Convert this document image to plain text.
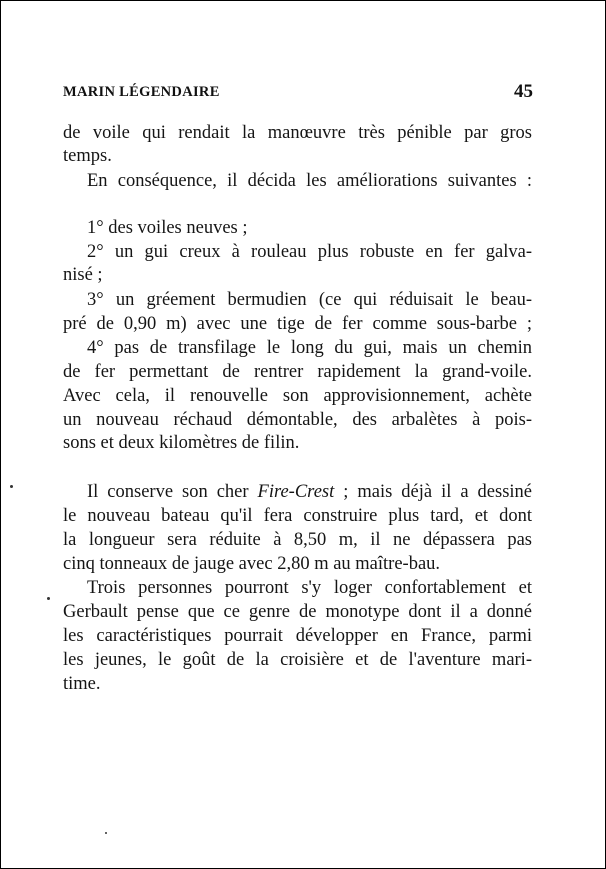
MARIN LÉGENDAIRE	45
de voile qui rendait la manœuvre très pénible par gros
temps.
En conséquence, il décida les améliorations suivantes :
1° des voiles neuves ;
2° un gui creux à rouleau plus robuste en fer galva-
nisé ;
3° un gréement bermudien (ce qui réduisait le beau-
pré de 0,90 m) avec une tige de fer comme sous-barbe ;
4° pas de transfilage le long du gui, mais un chemin
de fer permettant de rentrer rapidement la grand-voile.
Avec cela, il renouvelle son approvisionnement, achète
un nouveau réchaud démontable, des arbalètes à pois-
sons et deux kilomètres de filin.
Il conserve son cher Fire-Crest ; mais déjà il a dessiné
le nouveau bateau qu'il fera construire plus tard, et dont
la longueur sera réduite à 8,50 m, il ne dépassera pas
cinq tonneaux de jauge avec 2,80 m au maître-bau.
Trois personnes pourront s'y loger confortablement et
Gerbault pense que ce genre de monotype dont il a donné
les caractéristiques pourrait développer en France, parmi
les jeunes, le goût de la croisière et de l'aventure mari-
time.
